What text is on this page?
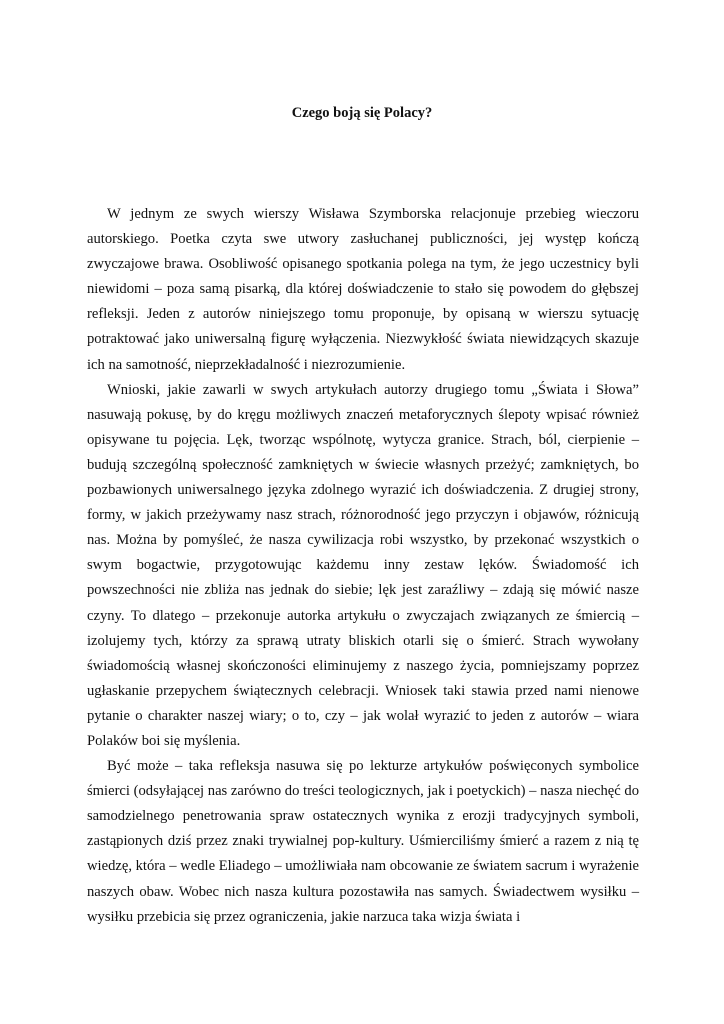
Czego boją się Polacy?

W jednym ze swych wierszy Wisława Szymborska relacjonuje przebieg wieczoru autorskiego. Poetka czyta swe utwory zasłuchanej publiczności, jej występ kończą zwyczajowe brawa. Osobliwość opisanego spotkania polega na tym, że jego uczestnicy byli niewidomi – poza samą pisarką, dla której doświadczenie to stało się powodem do głębszej refleksji. Jeden z autorów niniejszego tomu proponuje, by opisaną w wierszu sytuację potraktować jako uniwersalną figurę wyłączenia. Niezwykłość świata niewidzących skazuje ich na samotność, nieprzekładalność i niezrozumienie.

Wnioski, jakie zawarli w swych artykułach autorzy drugiego tomu „Świata i Słowa” nasuwają pokusę, by do kręgu możliwych znaczeń metaforycznych ślepoty wpisać również opisywane tu pojęcia. Lęk, tworząc wspólnotę, wytycza granice. Strach, ból, cierpienie – budują szczególną społeczność zamkniętych w świecie własnych przeżyć; zamkniętych, bo pozbawionych uniwersalnego języka zdolnego wyrazić ich doświadczenia. Z drugiej strony, formy, w jakich przeżywamy nasz strach, różnorodność jego przyczyn i objawów, różnicują nas. Można by pomyśleć, że nasza cywilizacja robi wszystko, by przekonać wszystkich o swym bogactwie, przygotowując każdemu inny zestaw lęków. Świadomość ich powszechności nie zbliża nas jednak do siebie; lęk jest zaraźliwy – zdają się mówić nasze czyny. To dlatego – przekonuje autorka artykułu o zwyczajach związanych ze śmiercią – izolujemy tych, którzy za sprawą utraty bliskich otarli się o śmierć. Strach wywołany świadomością własnej skończoności eliminujemy z naszego życia, pomniejszamy poprzez ugłaskanie przepychem świątecznych celebracji. Wniosek taki stawia przed nami nienowe pytanie o charakter naszej wiary; o to, czy – jak wolał wyrazić to jeden z autorów – wiara Polaków boi się myślenia.

Być może – taka refleksja nasuwa się po lekturze artykułów poświęconych symbolice śmierci (odsyłającej nas zarówno do treści teologicznych, jak i poetyckich) – nasza niechęć do samodzielnego penetrowania spraw ostatecznych wynika z erozji tradycyjnych symboli, zastąpionych dziś przez znaki trywialnej pop-kultury. Uśmierciliśmy śmierć a razem z nią tę wiedzę, która – wedle Eliadego – umożliwiała nam obcowanie ze światem sacrum i wyrażenie naszych obaw. Wobec nich nasza kultura pozostawiła nas samych. Świadectwem wysiłku – wysiłku przebicia się przez ograniczenia, jakie narzuca taka wizja świata i
